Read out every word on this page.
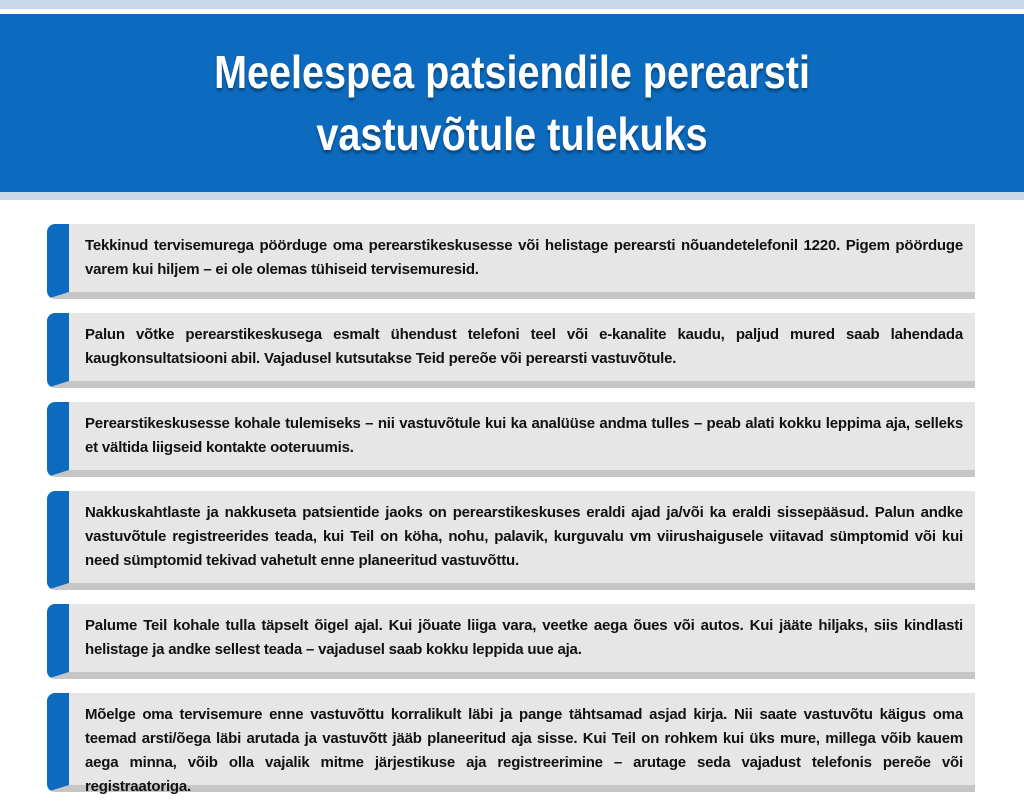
Meelespea patsiendile perearsti
vastuvõtule tulekuks

Tekkinud tervisemurega pöörduge oma perearstikeskusesse või helistage perearsti nõuandetelefonil 1220. Pigem pöörduge varem kui hiljem – ei ole olemas tühiseid tervisemuresid.

Palun võtke perearstikeskusega esmalt ühendust telefoni teel või e-kanalite kaudu, paljud mured saab lahendada kaugkonsultatsiooni abil. Vajadusel kutsutakse Teid pereõe või perearsti vastuvõtule.

Perearstikeskusesse kohale tulemiseks – nii vastuvõtule kui ka analüüse andma tulles – peab alati kokku leppima aja, selleks et vältida liigseid kontakte ooteruumis.

Nakkuskahtlaste ja nakkuseta patsientide jaoks on perearstikeskuses eraldi ajad ja/või ka eraldi sissepääsud. Palun andke vastuvõtule registreerides teada, kui Teil on köha, nohu, palavik, kurguvalu vm viirushaigusele viitavad sümptomid või kui need sümptomid tekivad vahetult enne planeeritud vastuvõttu.

Palume Teil kohale tulla täpselt õigel ajal. Kui jõuate liiga vara, veetke aega õues või autos. Kui jääte hiljaks, siis kindlasti helistage ja andke sellest teada – vajadusel saab kokku leppida uue aja.

Mõelge oma tervisemure enne vastuvõttu korralikult läbi ja pange tähtsamad asjad kirja. Nii saate vastuvõtu käigus oma teemad arsti/õega läbi arutada ja vastuvõtt jääb planeeritud aja sisse. Kui Teil on rohkem kui üks mure, millega võib kauem aega minna, võib olla vajalik mitme järjestikuse aja registreerimine – arutage seda vajadust telefonis pereõe või registraatoriga.
